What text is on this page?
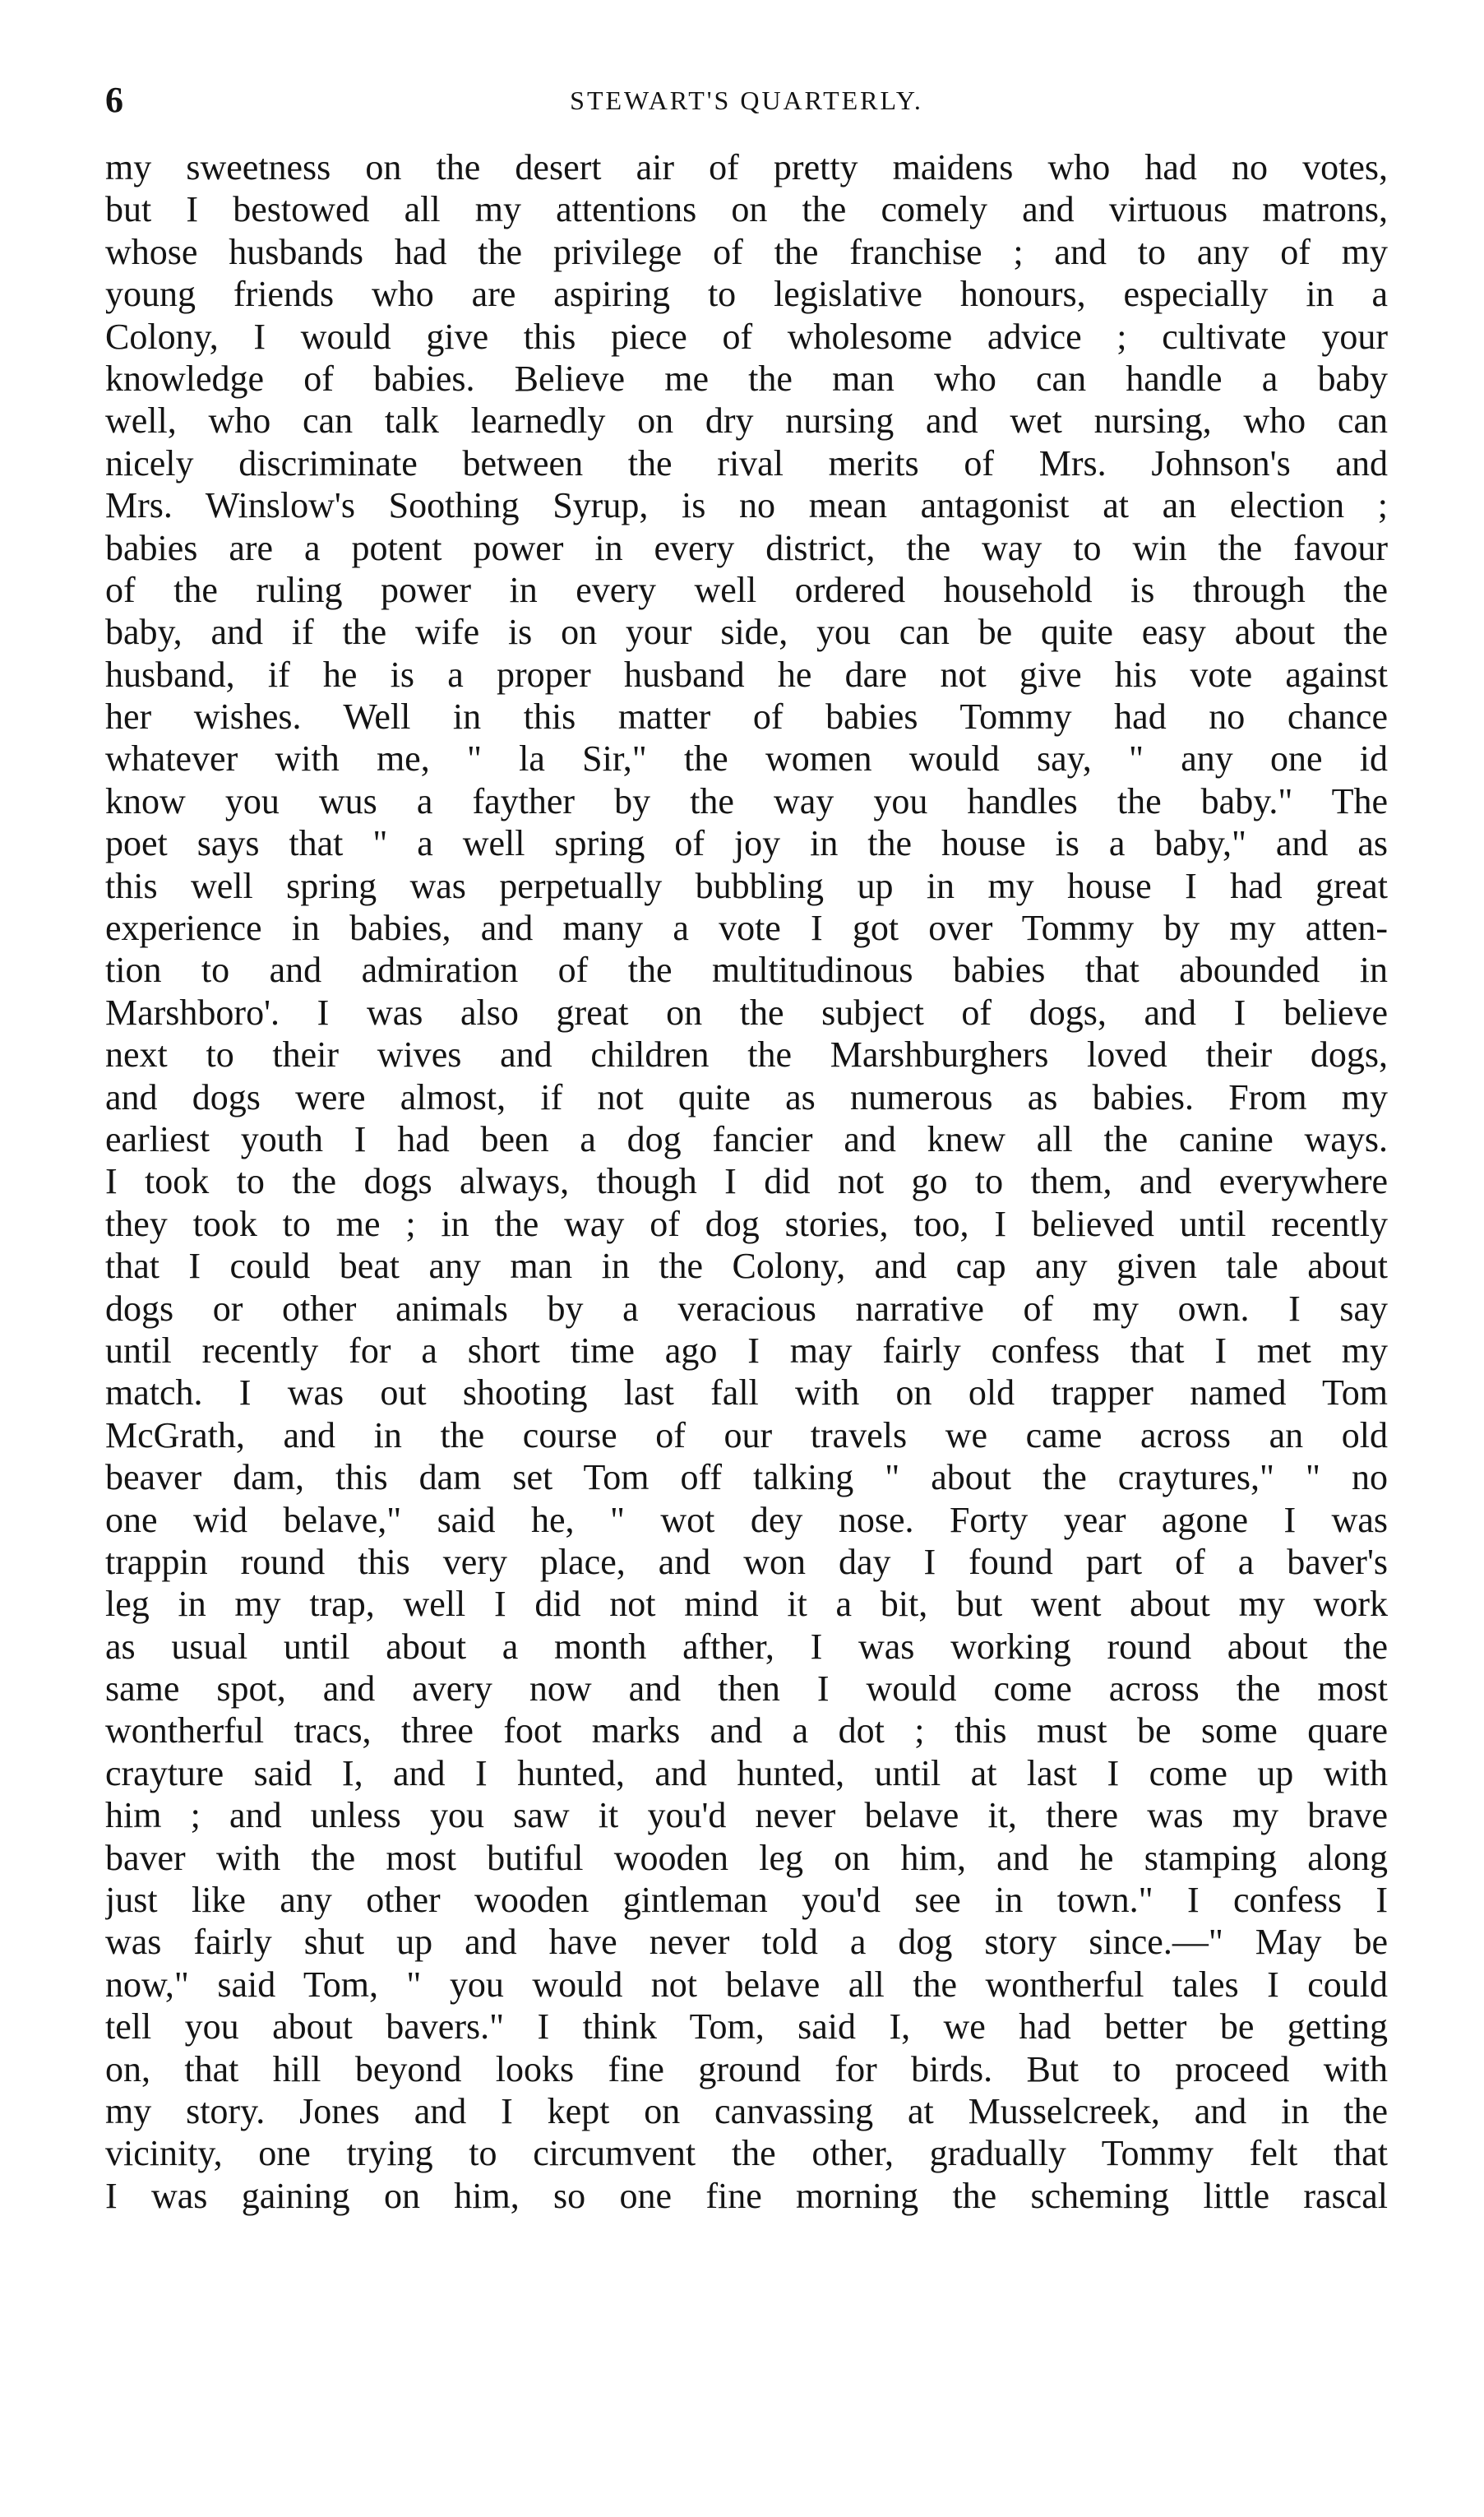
6	STEWART'S QUARTERLY.
my sweetness on the desert air of pretty maidens who had no votes,
but I bestowed all my attentions on the comely and virtuous matrons,
whose husbands had the privilege of the franchise ; and to any of my
young friends who are aspiring to legislative honours, especially in a
Colony, I would give this piece of wholesome advice ; cultivate your
knowledge of babies. Believe me the man who can handle a baby
well, who can talk learnedly on dry nursing and wet nursing, who can
nicely discriminate between the rival merits of Mrs. Johnson's and
Mrs. Winslow's Soothing Syrup, is no mean antagonist at an election ;
babies are a potent power in every district, the way to win the favour
of the ruling power in every well ordered household is through the
baby, and if the wife is on your side, you can be quite easy about the
husband, if he is a proper husband he dare not give his vote against
her wishes. Well in this matter of babies Tommy had no chance
whatever with me, " la Sir," the women would say, " any one id
know you wus a fayther by the way you handles the baby." The
poet says that " a well spring of joy in the house is a baby," and as
this well spring was perpetually bubbling up in my house I had great
experience in babies, and many a vote I got over Tommy by my atten-
tion to and admiration of the multitudinous babies that abounded in
Marshboro'. I was also great on the subject of dogs, and I believe
next to their wives and children the Marshburghers loved their dogs,
and dogs were almost, if not quite as numerous as babies. From my
earliest youth I had been a dog fancier and knew all the canine ways.
I took to the dogs always, though I did not go to them, and everywhere
they took to me ; in the way of dog stories, too, I believed until recently
that I could beat any man in the Colony, and cap any given tale about
dogs or other animals by a veracious narrative of my own. I say
until recently for a short time ago I may fairly confess that I met my
match. I was out shooting last fall with on old trapper named Tom
McGrath, and in the course of our travels we came across an old
beaver dam, this dam set Tom off talking " about the craytures," " no
one wid belave," said he, " wot dey nose. Forty year agone I was
trappin round this very place, and won day I found part of a baver's
leg in my trap, well I did not mind it a bit, but went about my work
as usual until about a month afther, I was working round about the
same spot, and avery now and then I would come across the most
wontherful tracs, three foot marks and a dot ; this must be some quare
crayture said I, and I hunted, and hunted, until at last I come up with
him ; and unless you saw it you'd never belave it, there was my brave
baver with the most butiful wooden leg on him, and he stamping along
just like any other wooden gintleman you'd see in town." I confess I
was fairly shut up and have never told a dog story since.—" May be
now," said Tom, " you would not belave all the wontherful tales I could
tell you about bavers." I think Tom, said I, we had better be getting
on, that hill beyond looks fine ground for birds. But to proceed with
my story. Jones and I kept on canvassing at Musselcreek, and in the
vicinity, one trying to circumvent the other, gradually Tommy felt that
I was gaining on him, so one fine morning the scheming little rascal
